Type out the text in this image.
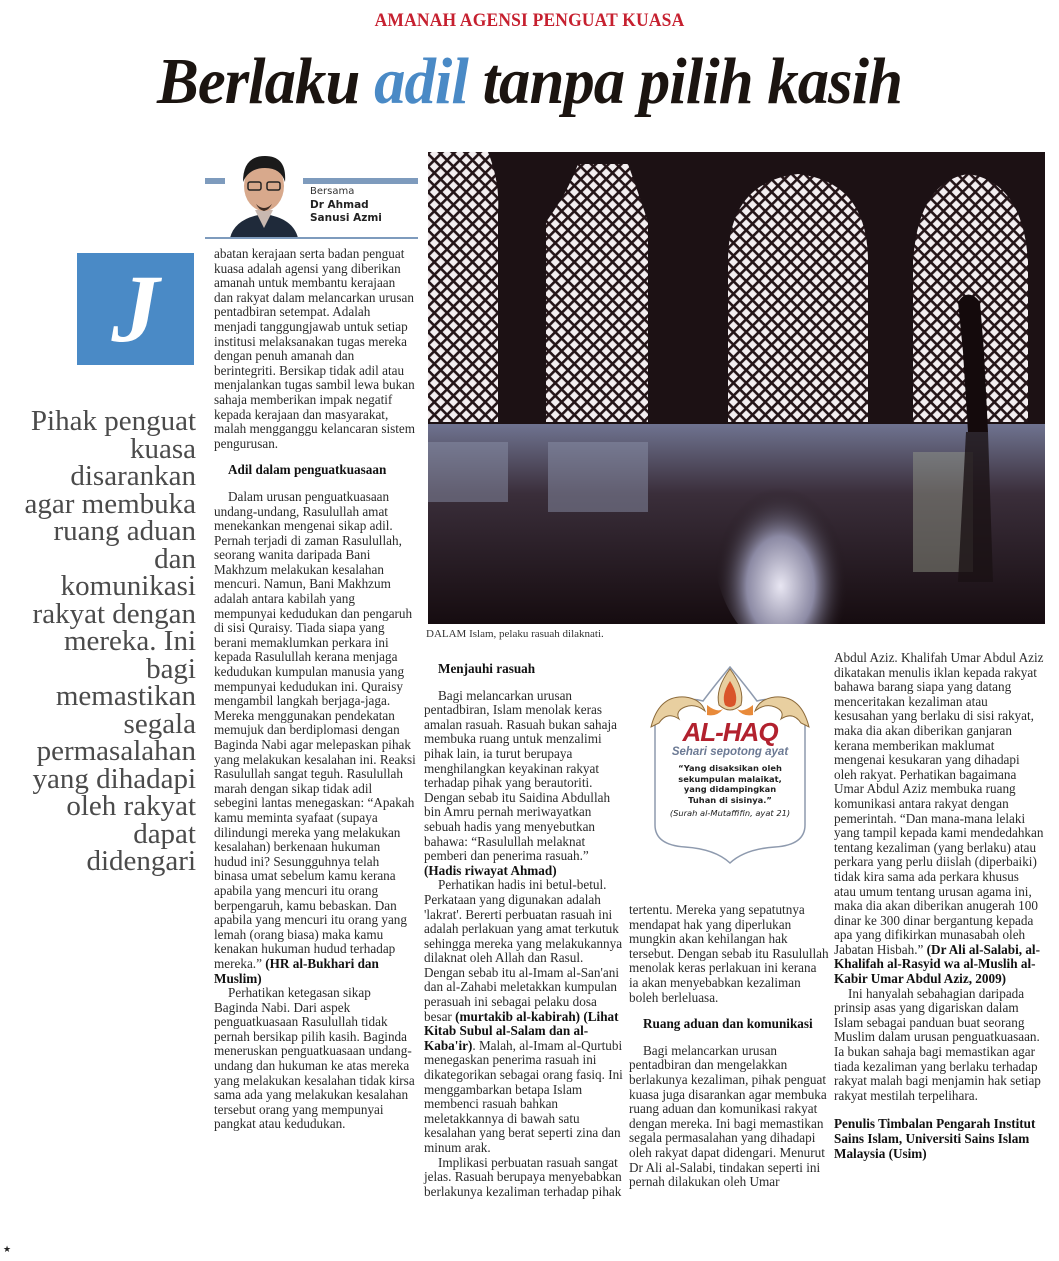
AMANAH AGENSI PENGUAT KUASA
Berlaku adil tanpa pilih kasih
Bersama
Dr Ahmad
Sanusi Azmi
J
Pihak penguat kuasa disarankan agar membuka ruang aduan dan komunikasi rakyat dengan mereka. Ini bagi memastikan segala permasalahan yang dihadapi oleh rakyat dapat didengari

abatan kerajaan serta badan penguat kuasa adalah agensi yang diberikan amanah untuk membantu kerajaan dan rakyat dalam melancarkan urusan pentadbiran setempat. Adalah menjadi tanggungjawab untuk setiap institusi melaksanakan tugas mereka dengan penuh amanah dan berintegriti. Bersikap tidak adil atau menjalankan tugas sambil lewa bukan sahaja memberikan impak negatif kepada kerajaan dan masyarakat, malah mengganggu kelancaran sistem pengurusan.

Adil dalam penguatkuasaan

Dalam urusan penguatkuasaan undang-undang, Rasulullah amat menekankan mengenai sikap adil. Pernah terjadi di zaman Rasulullah, seorang wanita daripada Bani Makhzum melakukan kesalahan mencuri. Namun, Bani Makhzum adalah antara kabilah yang mempunyai kedudukan dan pengaruh di sisi Quraisy. Tiada siapa yang berani memaklumkan perkara ini kepada Rasulullah kerana menjaga kedudukan kumpulan manusia yang mempunyai kedudukan ini. Quraisy mengambil langkah berjaga-jaga. Mereka menggunakan pendekatan memujuk dan berdiplomasi dengan Baginda Nabi agar melepaskan pihak yang melakukan kesalahan ini. Reaksi Rasulullah sangat teguh. Rasulullah marah dengan sikap tidak adil sebegini lantas menegaskan: “Apakah kamu meminta syafaat (supaya dilindungi mereka yang melakukan kesalahan) berkenaan hukuman hudud ini? Sesungguhnya telah binasa umat sebelum kamu kerana apabila yang mencuri itu orang berpengaruh, kamu bebaskan. Dan apabila yang mencuri itu orang yang lemah (orang biasa) maka kamu kenakan hukuman hudud terhadap mereka.” (HR al-Bukhari dan Muslim)

Perhatikan ketegasan sikap Baginda Nabi. Dari aspek penguatkuasaan Rasulullah tidak pernah bersikap pilih kasih. Baginda meneruskan penguatkuasaan undang-undang dan hukuman ke atas mereka yang melakukan kesalahan tidak kirsa sama ada yang melakukan kesalahan tersebut orang yang mempunyai pangkat atau kedudukan.

DALAM Islam, pelaku rasuah dilaknati.
Menjauhi rasuah

Bagi melancarkan urusan pentadbiran, Islam menolak keras amalan rasuah. Rasuah bukan sahaja membuka ruang untuk menzalimi pihak lain, ia turut berupaya menghilangkan keyakinan rakyat terhadap pihak yang berautoriti. Dengan sebab itu Saidina Abdullah bin Amru pernah meriwayatkan sebuah hadis yang menyebutkan bahawa: “Rasulullah melaknat pemberi dan penerima rasuah.” (Hadis riwayat Ahmad)

Perhatikan hadis ini betul-betul. Perkataan yang digunakan adalah 'lakrat'. Bererti perbuatan rasuah ini adalah perlakuan yang amat terkutuk sehingga mereka yang melakukannya dilaknat oleh Allah dan Rasul. Dengan sebab itu al-Imam al-San'ani dan al-Zahabi meletakkan kumpulan perasuah ini sebagai pelaku dosa besar (murtakib al-kabirah) (Lihat Kitab Subul al-Salam dan al-Kaba'ir). Malah, al-Imam al-Qurtubi menegaskan penerima rasuah ini dikategorikan sebagai orang fasiq. Ini menggambarkan betapa Islam membenci rasuah bahkan meletakkannya di bawah satu kesalahan yang berat seperti zina dan minum arak.

Implikasi perbuatan rasuah sangat jelas. Rasuah berupaya menyebabkan berlakunya kezaliman terhadap pihak

AL-HAQ
Sehari sepotong ayat
“Yang disaksikan oleh sekumpulan malaikat, yang didampingkan Tuhan di sisinya.”
(Surah al-Mutaffifin, ayat 21)

tertentu. Mereka yang sepatutnya mendapat hak yang diperlukan mungkin akan kehilangan hak tersebut. Dengan sebab itu Rasulullah menolak keras perlakuan ini kerana ia akan menyebabkan kezaliman boleh berleluasa.

Ruang aduan dan komunikasi

Bagi melancarkan urusan pentadbiran dan mengelakkan berlakunya kezaliman, pihak penguat kuasa juga disarankan agar membuka ruang aduan dan komunikasi rakyat dengan mereka. Ini bagi memastikan segala permasalahan yang dihadapi oleh rakyat dapat didengari. Menurut Dr Ali al-Salabi, tindakan seperti ini pernah dilakukan oleh Umar

Abdul Aziz. Khalifah Umar Abdul Aziz dikatakan menulis iklan kepada rakyat bahawa barang siapa yang datang menceritakan kezaliman atau kesusahan yang berlaku di sisi rakyat, maka dia akan diberikan ganjaran kerana memberikan maklumat mengenai kesukaran yang dihadapi oleh rakyat. Perhatikan bagaimana Umar Abdul Aziz membuka ruang komunikasi antara rakyat dengan pemerintah. “Dan mana-mana lelaki yang tampil kepada kami mendedahkan tentang kezaliman (yang berlaku) atau perkara yang perlu diislah (diperbaiki) tidak kira sama ada perkara khusus atau umum tentang urusan agama ini, maka dia akan diberikan anugerah 100 dinar ke 300 dinar bergantung kepada apa yang difikirkan munasabah oleh Jabatan Hisbah.” (Dr Ali al-Salabi, al-Khalifah al-Rasyid wa al-Muslih al-Kabir Umar Abdul Aziz, 2009)

Ini hanyalah sebahagian daripada prinsip asas yang digariskan dalam Islam sebagai panduan buat seorang Muslim dalam urusan penguatkuasaan. Ia bukan sahaja bagi memastikan agar tiada kezaliman yang berlaku terhadap rakyat malah bagi menjamin hak setiap rakyat mestilah terpelihara.

Penulis Timbalan Pengarah Institut Sains Islam, Universiti Sains Islam Malaysia (Usim)

★
